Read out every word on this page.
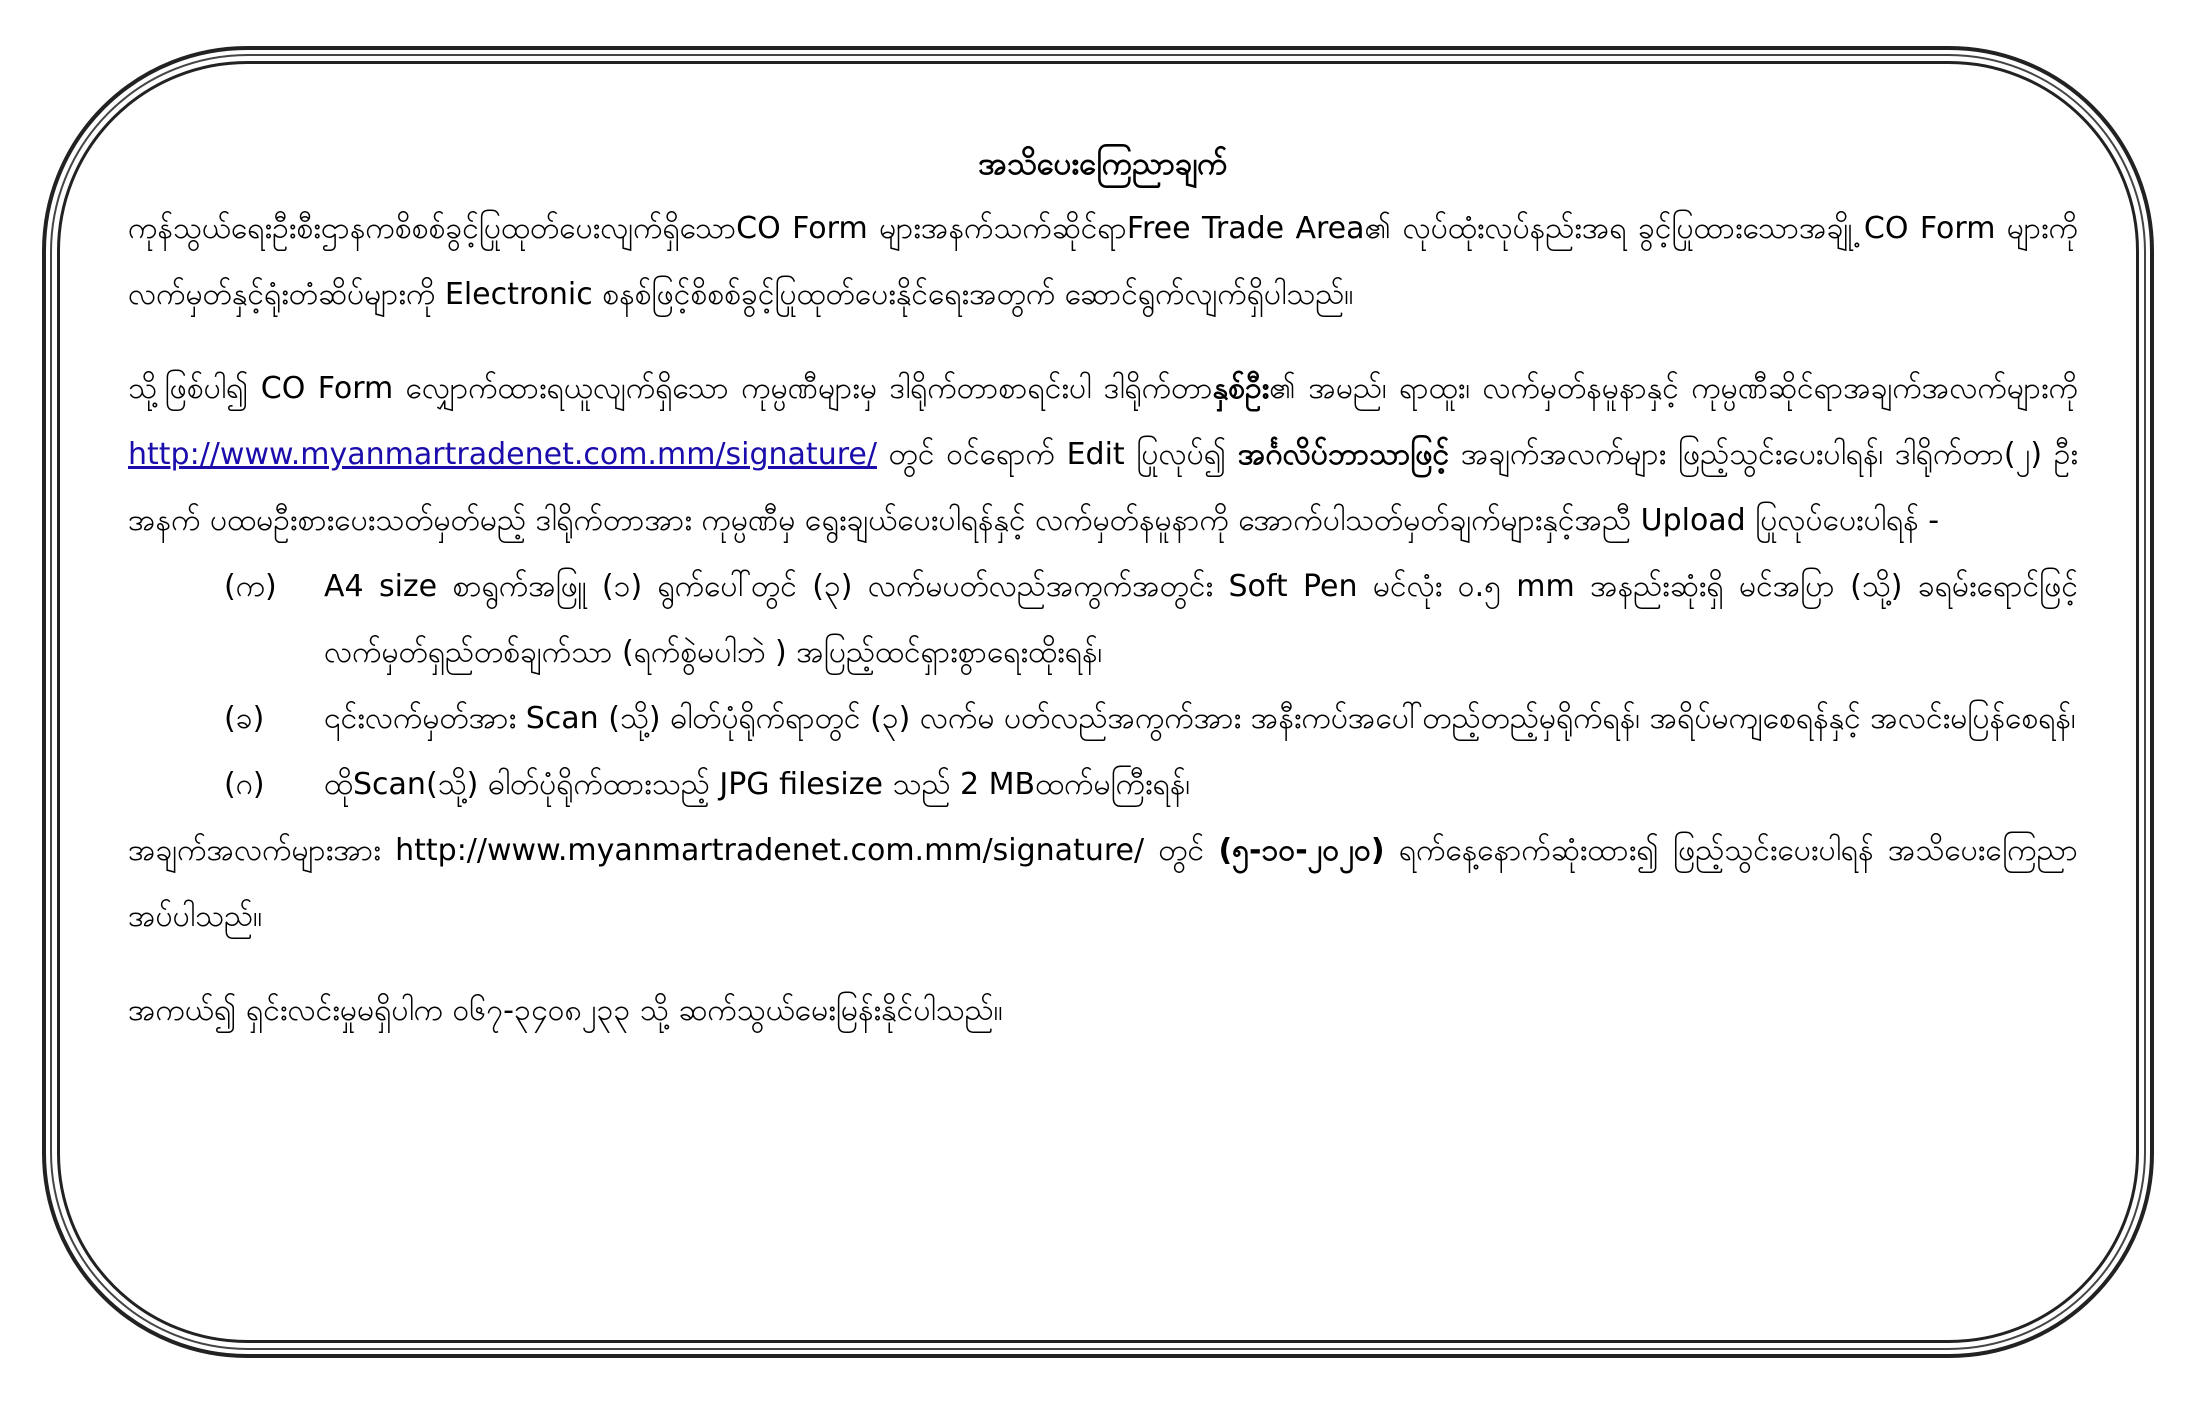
အသိပေးကြေညာချက်

ကုန်သွယ်ရေးဦးစီးဌာနကစိစစ်ခွင့်ပြုထုတ်ပေးလျက်ရှိသောCO Form များအနက်သက်ဆိုင်ရာFree Trade Area၏ လုပ်ထုံးလုပ်နည်းအရ ခွင့်ပြုထားသောအချို့ CO Form များကိုလက်မှတ်နှင့်ရုံးတံဆိပ်များကို Electronic စနစ်ဖြင့်စိစစ်ခွင့်ပြုထုတ်ပေးနိုင်ရေးအတွက် ဆောင်ရွက်လျက်ရှိပါသည်။

သို့ဖြစ်ပါ၍ CO Form လျှောက်ထားရယူလျက်ရှိသော ကုမ္ပဏီများမှ ဒါရိုက်တာစာရင်းပါ ဒါရိုက်တာနှစ်ဦး၏ အမည်၊ ရာထူး၊ လက်မှတ်နမူနာနှင့် ကုမ္ပဏီဆိုင်ရာအချက်အလက်များကို http://www.myanmartradenet.com.mm/signature/ တွင် ဝင်ရောက် Edit ပြုလုပ်၍ အင်္ဂလိပ်ဘာသာဖြင့် အချက်အလက်များ ဖြည့်သွင်းပေးပါရန်၊ ဒါရိုက်တာ(၂) ဦးအနက် ပထမဦးစားပေးသတ်မှတ်မည့် ဒါရိုက်တာအား ကုမ္ပဏီမှ ရွေးချယ်ပေးပါရန်နှင့် လက်မှတ်နမူနာကို အောက်ပါသတ်မှတ်ချက်များနှင့်အညီ Upload ပြုလုပ်ပေးပါရန် -

(က)	A4 size စာရွက်အဖြူ (၁) ရွက်ပေါ်တွင် (၃) လက်မပတ်လည်အကွက်အတွင်း Soft Pen မင်လုံး ၀.၅ mm အနည်းဆုံးရှိ မင်အပြာ (သို့) ခရမ်းရောင်ဖြင့် လက်မှတ်ရှည်တစ်ချက်သာ (ရက်စွဲမပါဘဲ ) အပြည့်ထင်ရှားစွာရေးထိုးရန်၊
(ခ)	၎င်းလက်မှတ်အား Scan (သို့) ဓါတ်ပုံရိုက်ရာတွင် (၃) လက်မ ပတ်လည်အကွက်အား အနီးကပ်အပေါ်တည့်တည့်မှရိုက်ရန်၊ အရိပ်မကျစေရန်နှင့် အလင်းမပြန်စေရန်၊
(ဂ)	ထိုScan(သို့) ဓါတ်ပုံရိုက်ထားသည့် JPG filesize သည် 2 MBထက်မကြီးရန်၊

အချက်အလက်များအား http://www.myanmartradenet.com.mm/signature/ တွင် (၅-၁၀-၂၀၂၀) ရက်နေ့နောက်ဆုံးထား၍ ဖြည့်သွင်းပေးပါရန် အသိပေးကြေညာအပ်ပါသည်။

အကယ်၍ ရှင်းလင်းမှုမရှိပါက ၀၆၇-၃၄၀၈၂၃၃ သို့ ဆက်သွယ်မေးမြန်းနိုင်ပါသည်။
